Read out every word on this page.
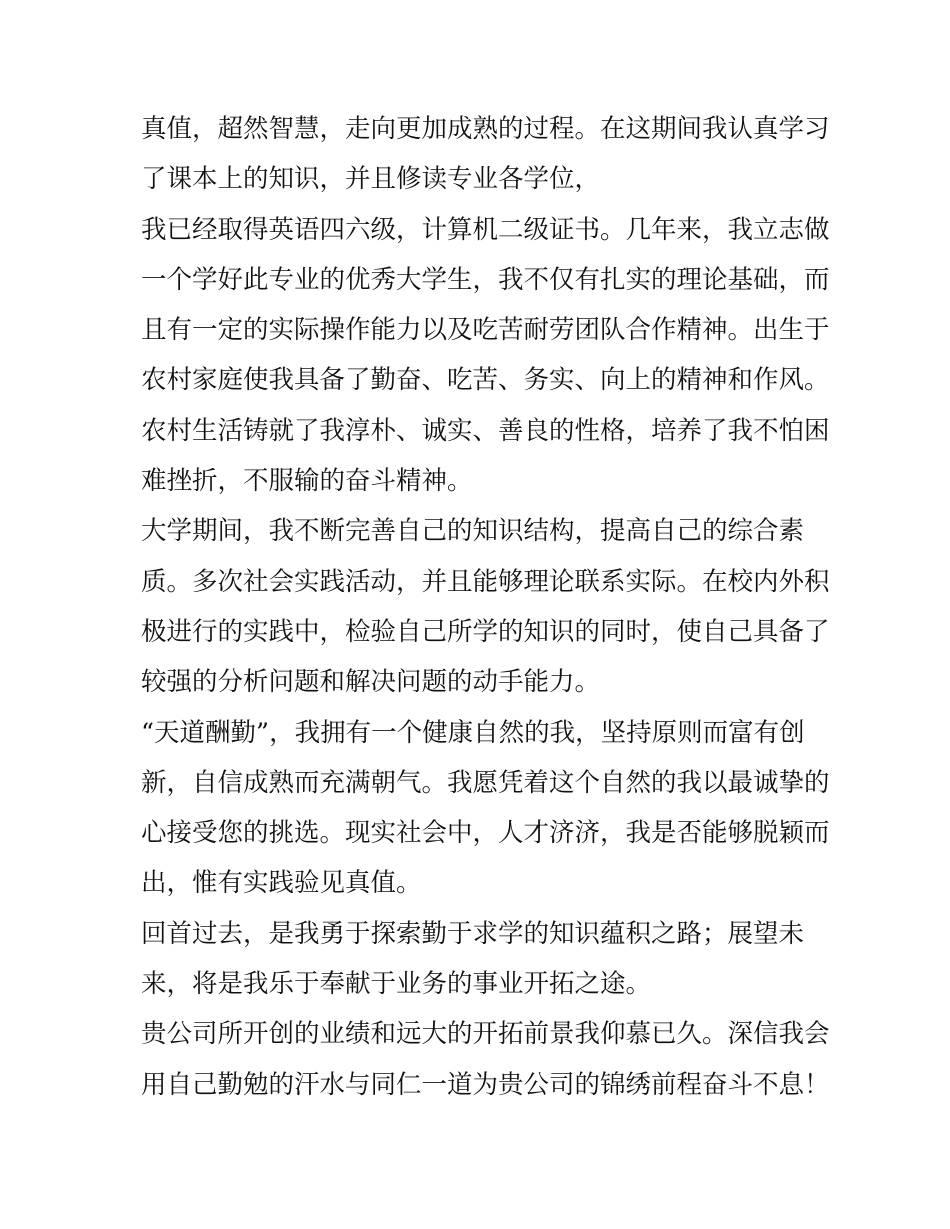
真值，超然智慧，走向更加成熟的过程。在这期间我认真学习
了课本上的知识，并且修读专业各学位，
我已经取得英语四六级，计算机二级证书。几年来，我立志做
一个学好此专业的优秀大学生，我不仅有扎实的理论基础，而
且有一定的实际操作能力以及吃苦耐劳团队合作精神。出生于
农村家庭使我具备了勤奋、吃苦、务实、向上的精神和作风。
农村生活铸就了我淳朴、诚实、善良的性格，培养了我不怕困
难挫折，不服输的奋斗精神。
大学期间，我不断完善自己的知识结构，提高自己的综合素
质。多次社会实践活动，并且能够理论联系实际。在校内外积
极进行的实践中，检验自己所学的知识的同时，使自己具备了
较强的分析问题和解决问题的动手能力。
“天道酬勤”，我拥有一个健康自然的我，坚持原则而富有创
新，自信成熟而充满朝气。我愿凭着这个自然的我以最诚挚的
心接受您的挑选。现实社会中，人才济济，我是否能够脱颖而
出，惟有实践验见真值。
回首过去，是我勇于探索勤于求学的知识蕴积之路；展望未
来，将是我乐于奉献于业务的事业开拓之途。
贵公司所开创的业绩和远大的开拓前景我仰慕已久。深信我会
用自己勤勉的汗水与同仁一道为贵公司的锦绣前程奋斗不息！
